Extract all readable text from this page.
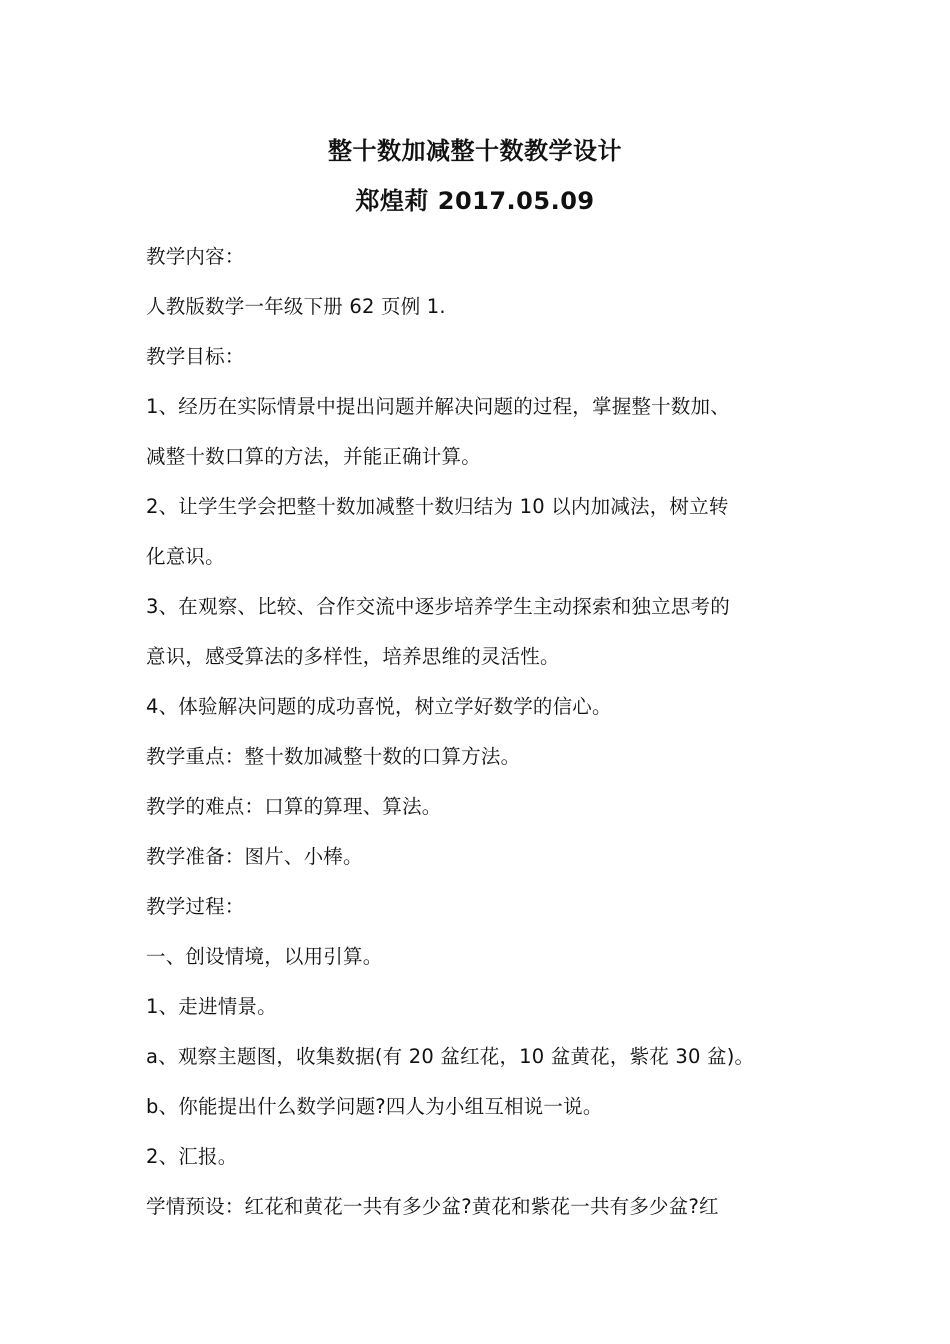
整十数加减整十数教学设计
郑煌莉 2017.05.09

教学内容：

人教版数学一年级下册 62 页例 1.

教学目标：

1、经历在实际情景中提出问题并解决问题的过程，掌握整十数加、

减整十数口算的方法，并能正确计算。

2、让学生学会把整十数加减整十数归结为 10 以内加减法，树立转

化意识。

3、在观察、比较、合作交流中逐步培养学生主动探索和独立思考的

意识，感受算法的多样性，培养思维的灵活性。

4、体验解决问题的成功喜悦，树立学好数学的信心。

教学重点：整十数加减整十数的口算方法。

教学的难点：口算的算理、算法。

教学准备：图片、小棒。

教学过程：

一、创设情境，以用引算。

1、走进情景。

a、观察主题图，收集数据(有 20 盆红花，10 盆黄花，紫花 30 盆)。

b、你能提出什么数学问题?四人为小组互相说一说。

2、汇报。

学情预设：红花和黄花一共有多少盆?黄花和紫花一共有多少盆?红
